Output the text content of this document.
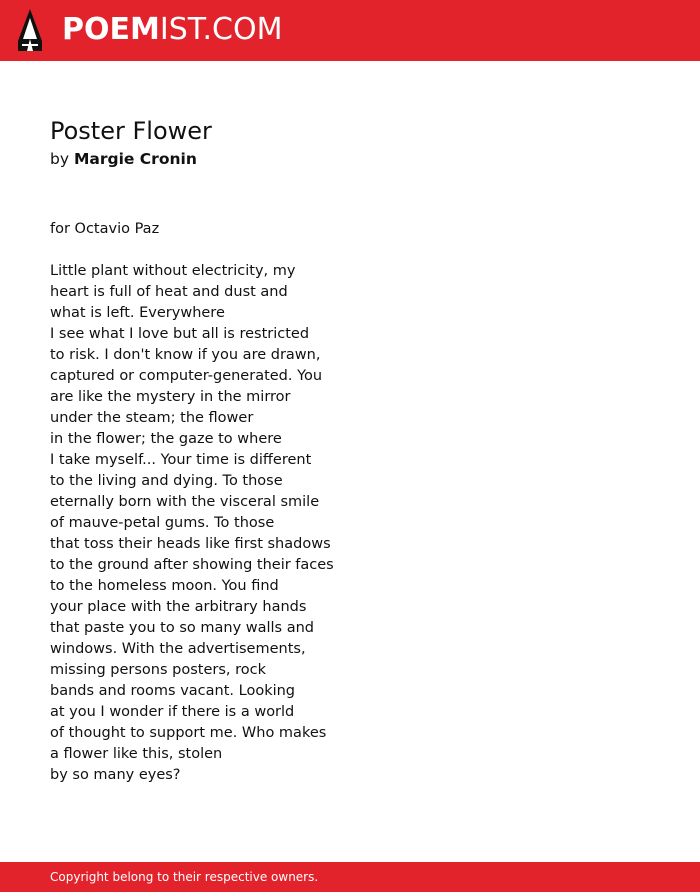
POEMIST.COM
Poster Flower
by Margie Cronin
for Octavio Paz
Little plant without electricity, my
heart is full of heat and dust and
what is left. Everywhere
I see what I love but all is restricted
to risk. I don't know if you are drawn,
captured or computer-generated. You
are like the mystery in the mirror
under the steam; the flower
in the flower; the gaze to where
I take myself... Your time is different
to the living and dying. To those
eternally born with the visceral smile
of mauve-petal gums. To those
that toss their heads like first shadows
to the ground after showing their faces
to the homeless moon. You find
your place with the arbitrary hands
that paste you to so many walls and
windows. With the advertisements,
missing persons posters, rock
bands and rooms vacant. Looking
at you I wonder if there is a world
of thought to support me. Who makes
a flower like this, stolen
by so many eyes?
Copyright belong to their respective owners.
